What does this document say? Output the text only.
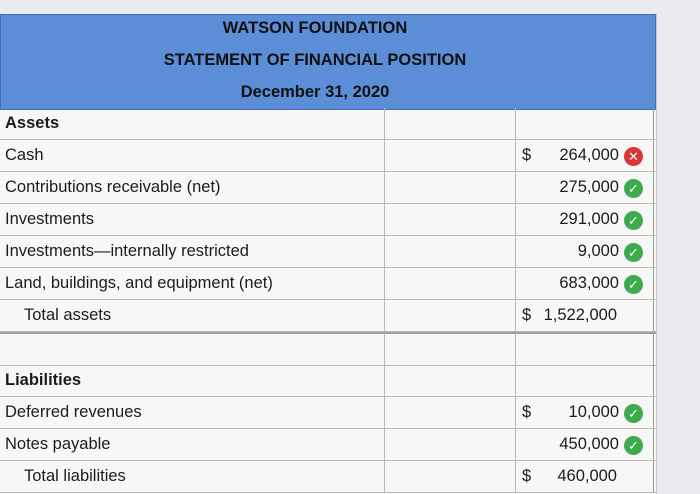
WATSON FOUNDATION
STATEMENT OF FINANCIAL POSITION
December 31, 2020
Assets
Cash	$ 264,000 ✕
Contributions receivable (net)	275,000 ✓
Investments	291,000 ✓
Investments—internally restricted	9,000 ✓
Land, buildings, and equipment (net)	683,000 ✓
Total assets	$ 1,522,000
Liabilities
Deferred revenues	$ 10,000 ✓
Notes payable	450,000 ✓
Total liabilities	$ 460,000
